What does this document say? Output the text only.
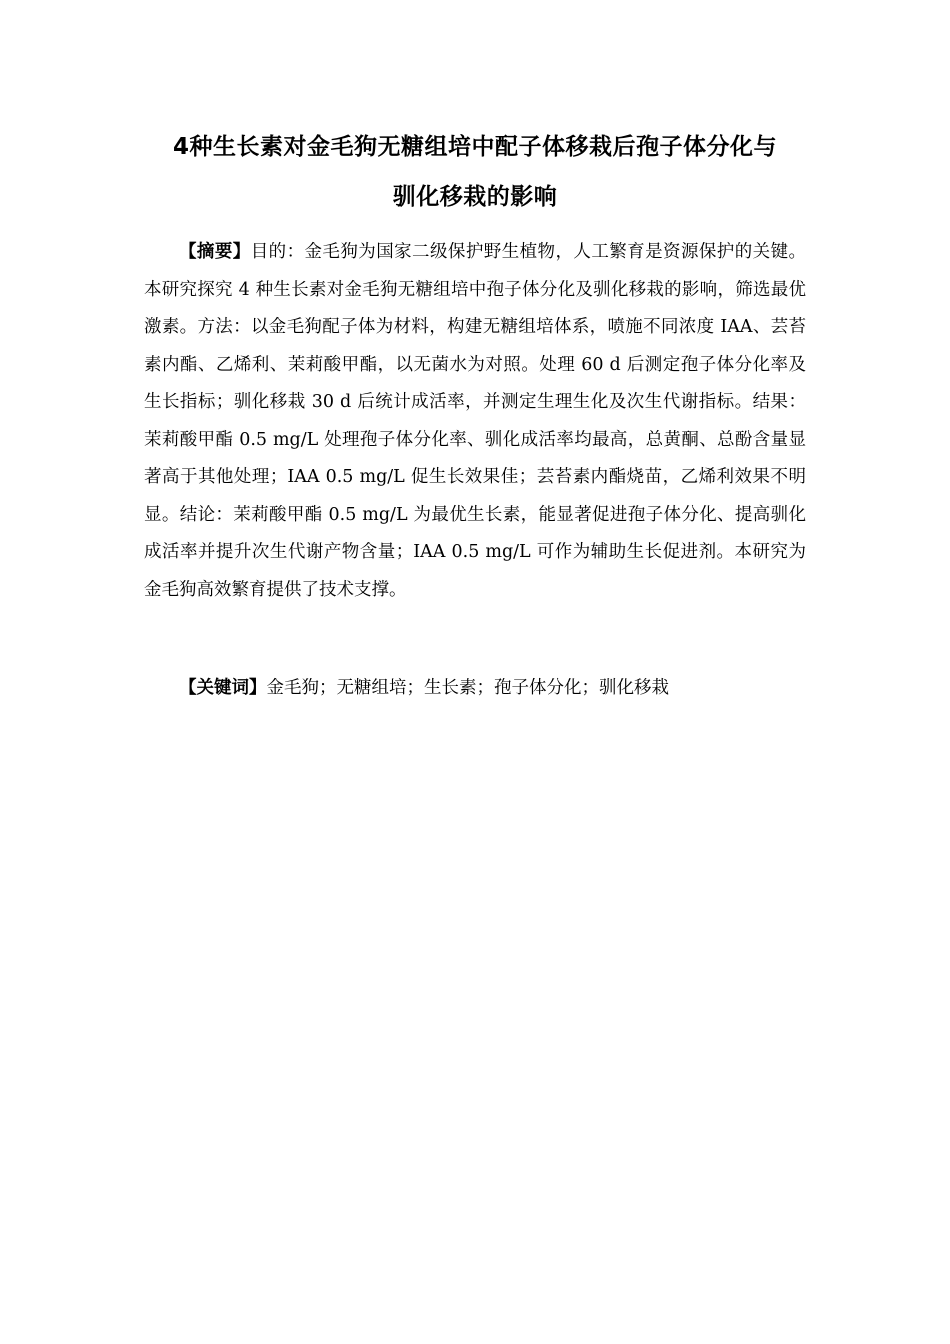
4种生长素对金毛狗无糖组培中配子体移栽后孢子体分化与
驯化移栽的影响

【摘要】目的：金毛狗为国家二级保护野生植物，人工繁育是资源保护的关键。本研究探究 4 种生长素对金毛狗无糖组培中孢子体分化及驯化移栽的影响，筛选最优激素。方法：以金毛狗配子体为材料，构建无糖组培体系，喷施不同浓度 IAA、芸苔素内酯、乙烯利、茉莉酸甲酯，以无菌水为对照。处理 60 d 后测定孢子体分化率及生长指标；驯化移栽 30 d 后统计成活率，并测定生理生化及次生代谢指标。结果：茉莉酸甲酯 0.5 mg/L 处理孢子体分化率、驯化成活率均最高，总黄酮、总酚含量显著高于其他处理；IAA 0.5 mg/L 促生长效果佳；芸苔素内酯烧苗，乙烯利效果不明显。结论：茉莉酸甲酯 0.5 mg/L 为最优生长素，能显著促进孢子体分化、提高驯化成活率并提升次生代谢产物含量；IAA 0.5 mg/L 可作为辅助生长促进剂。本研究为金毛狗高效繁育提供了技术支撑。

【关键词】金毛狗；无糖组培；生长素；孢子体分化；驯化移栽
